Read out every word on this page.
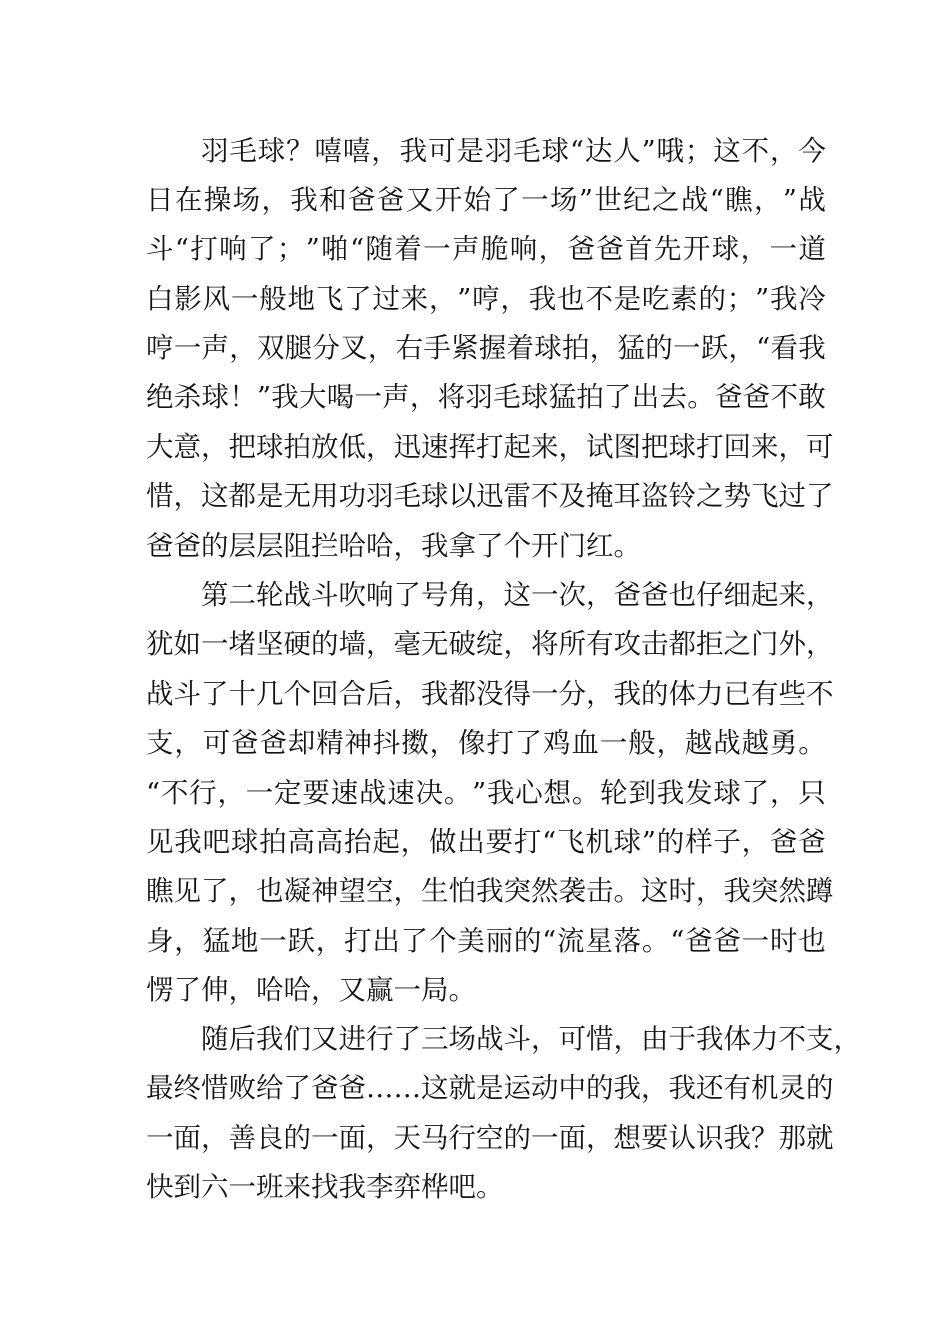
羽 毛 球 ？ 嘻 嘻 ， 我 可 是 羽 毛 球 “ 达 人 ” 哦 ； 这 不 ， 今

日 在 操 场 ， 我 和 爸 爸 又 开 始 了 一 场 ” 世 纪 之 战 “ 瞧 ， ” 战

斗 “ 打 响 了 ； ” 啪 “ 随 着 一 声 脆 响 ， 爸 爸 首 先 开 球 ， 一 道

白 影 风 一 般 地 飞 了 过 来 ， ” 哼 ， 我 也 不 是 吃 素 的 ； ” 我 冷

哼 一 声 ， 双 腿 分 叉 ， 右 手 紧 握 着 球 拍 ， 猛 的 一 跃 ， “ 看 我

绝 杀 球 ！ ” 我 大 喝 一 声 ， 将 羽 毛 球 猛 拍 了 出 去 。 爸 爸 不 敢

大 意 ， 把 球 拍 放 低 ， 迅 速 挥 打 起 来 ， 试 图 把 球 打 回 来 ， 可

惜 ， 这 都 是 无 用 功 羽 毛 球 以 迅 雷 不 及 掩 耳 盗 铃 之 势 飞 过 了

爸爸的层层阻拦哈哈，我拿了个开门红。

第 二 轮 战 斗 吹 响 了 号 角 ， 这 一 次 ， 爸 爸 也 仔 细 起 来 ，

犹 如 一 堵 坚 硬 的 墙 ， 毫 无 破 绽 ， 将 所 有 攻 击 都 拒 之 门 外 ，

战 斗 了 十 几 个 回 合 后 ， 我 都 没 得 一 分 ， 我 的 体 力 已 有 些 不

支 ， 可 爸 爸 却 精 神 抖 擞 ， 像 打 了 鸡 血 一 般 ， 越 战 越 勇 。

“ 不 行 ， 一 定 要 速 战 速 决 。 ” 我 心 想 。 轮 到 我 发 球 了 ， 只

见 我 吧 球 拍 高 高 抬 起 ， 做 出 要 打 “ 飞 机 球 ” 的 样 子 ， 爸 爸

瞧 见 了 ， 也 凝 神 望 空 ， 生 怕 我 突 然 袭 击 。 这 时 ， 我 突 然 蹲

身 ， 猛 地 一 跃 ， 打 出 了 个 美 丽 的 “ 流 星 落 。 “ 爸 爸 一 时 也

愣了伸，哈哈，又赢一局。

随 后 我 们 又 进 行 了 三 场 战 斗 ， 可 惜 ， 由 于 我 体 力 不 支 ，

最 终 惜 败 给 了 爸 爸 … … 这 就 是 运 动 中 的 我 ， 我 还 有 机 灵 的

一 面 ， 善 良 的 一 面 ， 天 马 行 空 的 一 面 ， 想 要 认 识 我 ？ 那 就

快到六一班来找我李弈桦吧。
